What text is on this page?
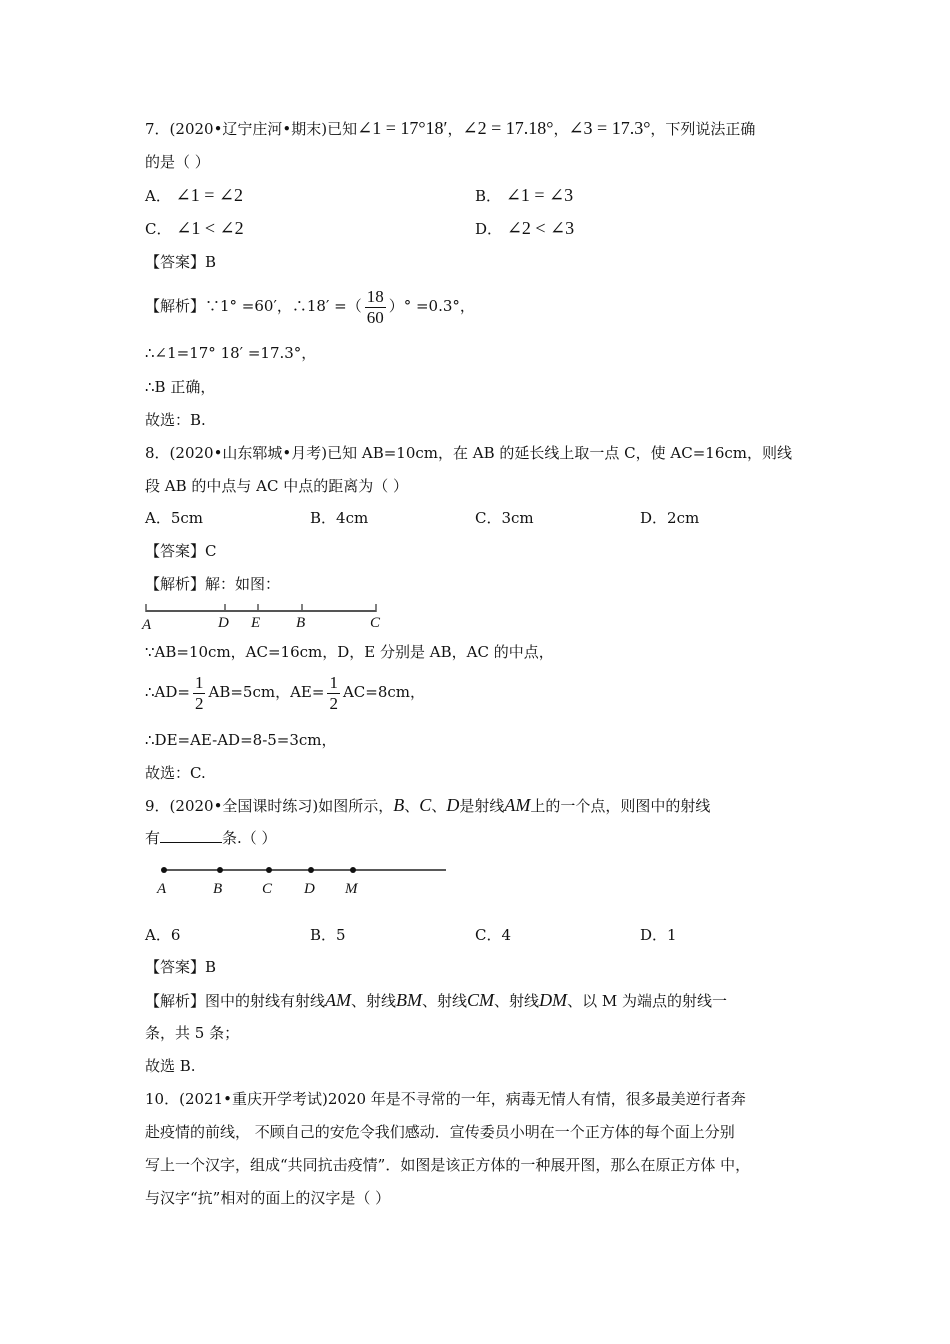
7．(2020•辽宁庄河•期末)已知∠1 = 17°18′，∠2 = 17.18°，∠3 = 17.3°，下列说法正确
的是（ ）
A． ∠1 = ∠2	B． ∠1 = ∠3
C． ∠1 < ∠2	D． ∠2 < ∠3
【答案】B
【解析】∵1° =60′，∴18′ =（ $\frac{18}{60}$ ）° =0.3°，
∴∠1=17° 18′ =17.3°，
∴B 正确，
故选：B.
8．(2020•山东郓城•月考)已知 AB=10cm，在 AB 的延长线上取一点 C，使 AC=16cm，则线
段 AB 的中点与 AC 中点的距离为（ ）
A．5cm	B．4cm	C．3cm	D．2cm
【答案】C
【解析】解：如图：
A	D E B	C
∵AB=10cm，AC=16cm，D，E 分别是 AB，AC 的中点，
∴AD= $\frac{1}{2} AB=5cm$，$AE= \frac{1}{2} AC=8cm$，
∴DE=AE-AD=8-5=3cm，
故选：C.
9．(2020•全国课时练习)如图所示，B、C、D是射线AM上的一个点，则图中的射线
有	条.（ ）
A	B	C D M
A．6	B．5	C．4	D．1
【答案】B
【解析】图中的射线有射线AM、射线BM、射线CM、射线DM、以 M 为端点的射线一
条，共 5 条；
故选 B.
10．(2021•重庆开学考试)2020 年是不寻常的一年，病毒无情人有情，很多最美逆行者奔
赴疫情的前线， 不顾自己的安危令我们感动．宣传委员小明在一个正方体的每个面上分别
写上一个汉字，组成“共同抗击疫情”．如图是该正方体的一种展开图，那么在原正方体 中，
与汉字“抗”相对的面上的汉字是（ ）
